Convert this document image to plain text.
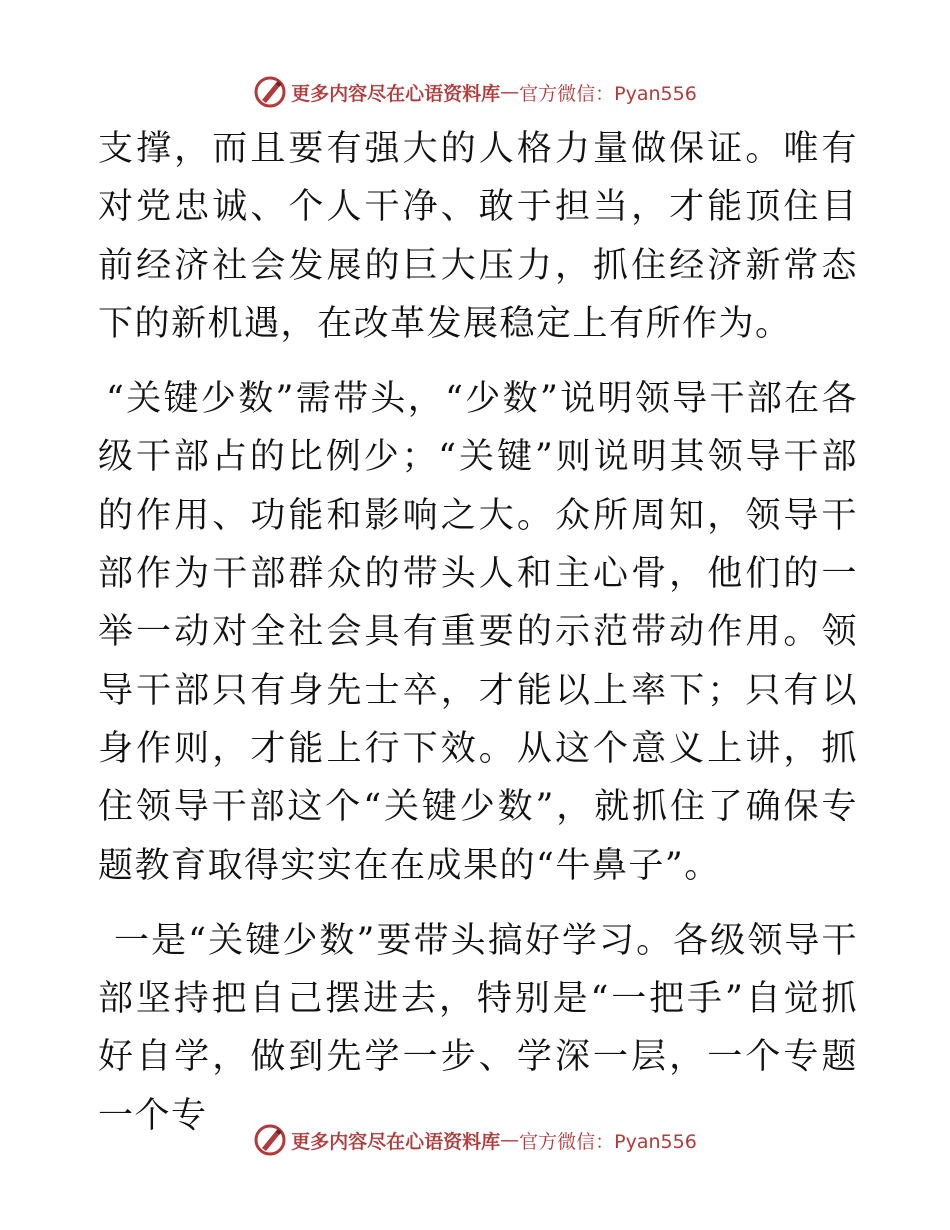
更多内容尽在心语资料库 — 官方微信：Pyan556

支撑，而且要有强大的人格力量做保证。唯有对党忠诚、个人干净、敢于担当，才能顶住目前经济社会发展的巨大压力，抓住经济新常态下的新机遇，在改革发展稳定上有所作为。

“关键少数”需带头，“少数”说明领导干部在各级干部占的比例少；“关键”则说明其领导干部的作用、功能和影响之大。众所周知，领导干部作为干部群众的带头人和主心骨，他们的一举一动对全社会具有重要的示范带动作用。领导干部只有身先士卒，才能以上率下；只有以身作则，才能上行下效。从这个意义上讲，抓住领导干部这个“关键少数”，就抓住了确保专题教育取得实实在在成果的“牛鼻子”。

一是“关键少数”要带头搞好学习。各级领导干部坚持把自己摆进去，特别是“一把手”自觉抓好自学，做到先学一步、学深一层，一个专题一个专

更多内容尽在心语资料库 — 官方微信：Pyan556
